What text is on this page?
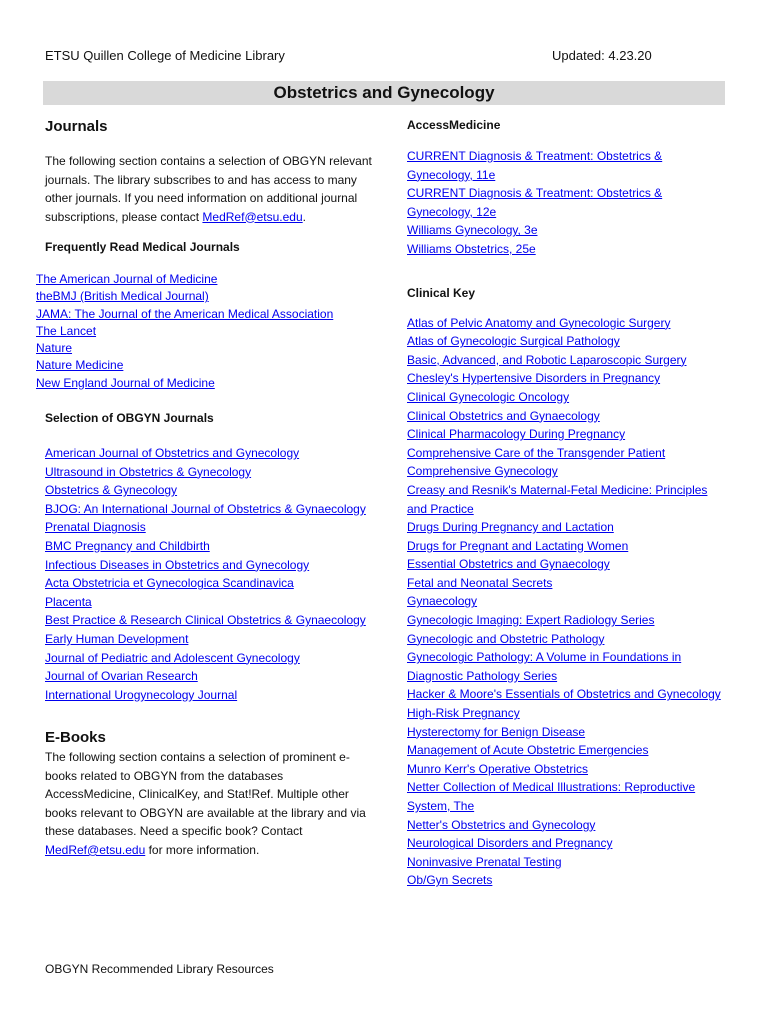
ETSU Quillen College of Medicine Library	Updated: 4.23.20
Obstetrics and Gynecology
Journals

The following section contains a selection of OBGYN relevant journals. The library subscribes to and has access to many other journals. If you need information on additional journal subscriptions, please contact MedRef@etsu.edu.

Frequently Read Medical Journals
The American Journal of Medicine
theBMJ (British Medical Journal)
JAMA: The Journal of the American Medical Association
The Lancet
Nature
Nature Medicine
New England Journal of Medicine
Selection of OBGYN Journals
American Journal of Obstetrics and Gynecology
Ultrasound in Obstetrics & Gynecology
Obstetrics & Gynecology
BJOG: An International Journal of Obstetrics & Gynaecology
Prenatal Diagnosis
BMC Pregnancy and Childbirth
Infectious Diseases in Obstetrics and Gynecology
Acta Obstetricia et Gynecologica Scandinavica
Placenta
Best Practice & Research Clinical Obstetrics & Gynaecology
Early Human Development
Journal of Pediatric and Adolescent Gynecology
Journal of Ovarian Research
International Urogynecology Journal
E-Books

The following section contains a selection of prominent e-books related to OBGYN from the databases AccessMedicine, ClinicalKey, and Stat!Ref. Multiple other books relevant to OBGYN are available at the library and via these databases. Need a specific book? Contact MedRef@etsu.edu for more information.

AccessMedicine
CURRENT Diagnosis & Treatment: Obstetrics & Gynecology, 11e
CURRENT Diagnosis & Treatment: Obstetrics & Gynecology, 12e
Williams Gynecology, 3e
Williams Obstetrics, 25e
Clinical Key
Atlas of Pelvic Anatomy and Gynecologic Surgery
Atlas of Gynecologic Surgical Pathology
Basic, Advanced, and Robotic Laparoscopic Surgery
Chesley's Hypertensive Disorders in Pregnancy
Clinical Gynecologic Oncology
Clinical Obstetrics and Gynaecology
Clinical Pharmacology During Pregnancy
Comprehensive Care of the Transgender Patient
Comprehensive Gynecology
Creasy and Resnik's Maternal-Fetal Medicine: Principles and Practice
Drugs During Pregnancy and Lactation
Drugs for Pregnant and Lactating Women
Essential Obstetrics and Gynaecology
Fetal and Neonatal Secrets
Gynaecology
Gynecologic Imaging: Expert Radiology Series
Gynecologic and Obstetric Pathology
Gynecologic Pathology: A Volume in Foundations in Diagnostic Pathology Series
Hacker & Moore's Essentials of Obstetrics and Gynecology
High-Risk Pregnancy
Hysterectomy for Benign Disease
Management of Acute Obstetric Emergencies
Munro Kerr's Operative Obstetrics
Netter Collection of Medical Illustrations: Reproductive System, The
Netter's Obstetrics and Gynecology
Neurological Disorders and Pregnancy
Noninvasive Prenatal Testing
Ob/Gyn Secrets
OBGYN Recommended Library Resources
